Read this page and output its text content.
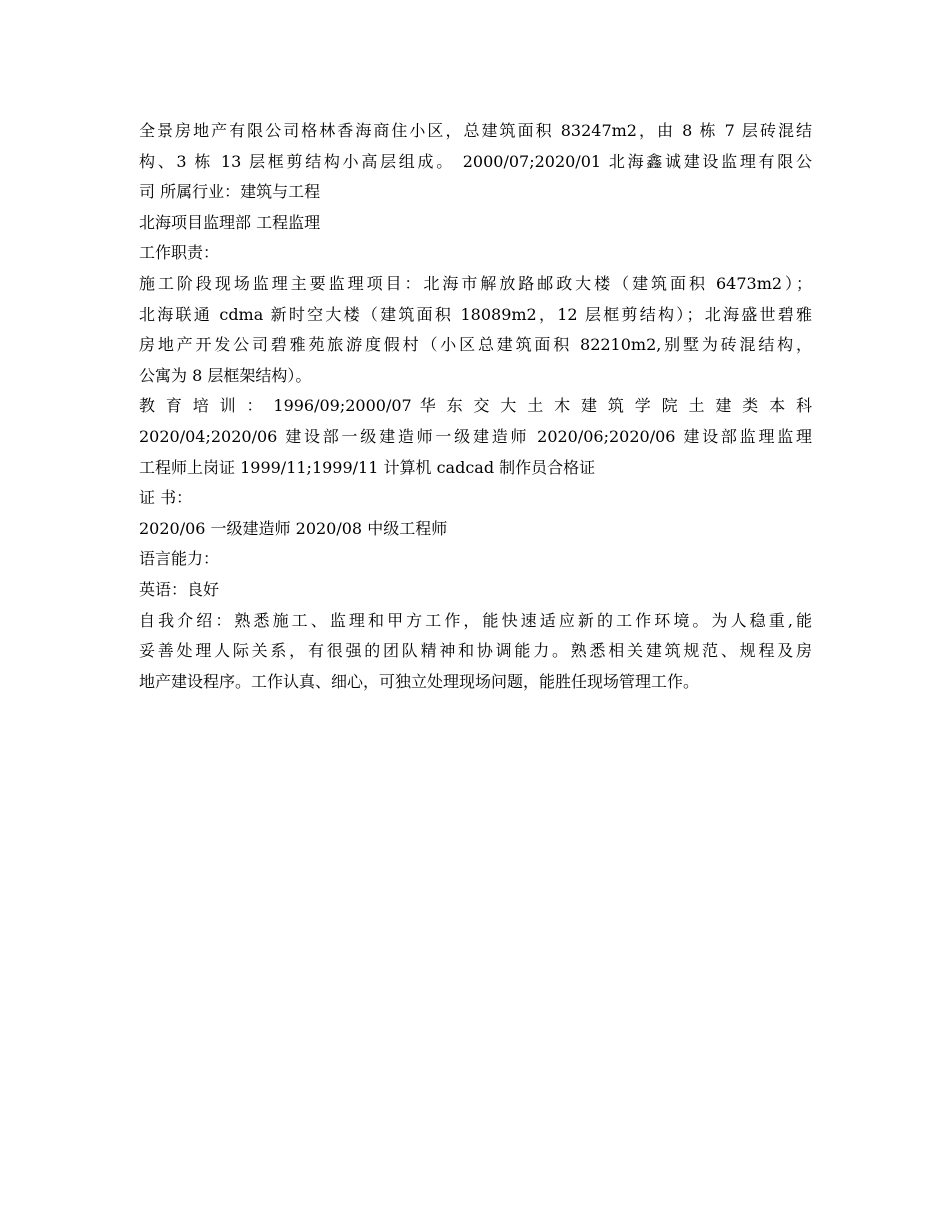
全景房地产有限公司格林香海商住小区，总建筑面积 83247m2，由 8 栋 7 层砖混结
构、3 栋 13 层框剪结构小高层组成。 2000/07;2020/01 北海鑫诚建设监理有限公
司 所属行业：建筑与工程

北海项目监理部 工程监理

工作职责：

施工阶段现场监理主要监理项目：北海市解放路邮政大楼（建筑面积 6473m2）；
北海联通 cdma 新时空大楼（建筑面积 18089m2，12 层框剪结构）；北海盛世碧雅
房地产开发公司碧雅苑旅游度假村（小区总建筑面积 82210m2,别墅为砖混结构，
公寓为 8 层框架结构）。

教 育 培 训 ： 1996/09;2000/07 华 东 交 大 土 木 建 筑 学 院 土 建 类 本 科
2020/04;2020/06 建设部一级建造师一级建造师 2020/06;2020/06 建设部监理监理
工程师上岗证 1999/11;1999/11 计算机 cadcad 制作员合格证

证 书：

2020/06 一级建造师 2020/08 中级工程师

语言能力：

英语：良好

自我介绍：熟悉施工、监理和甲方工作，能快速适应新的工作环境。为人稳重,能
妥善处理人际关系，有很强的团队精神和协调能力。熟悉相关建筑规范、规程及房
地产建设程序。工作认真、细心，可独立处理现场问题，能胜任现场管理工作。
